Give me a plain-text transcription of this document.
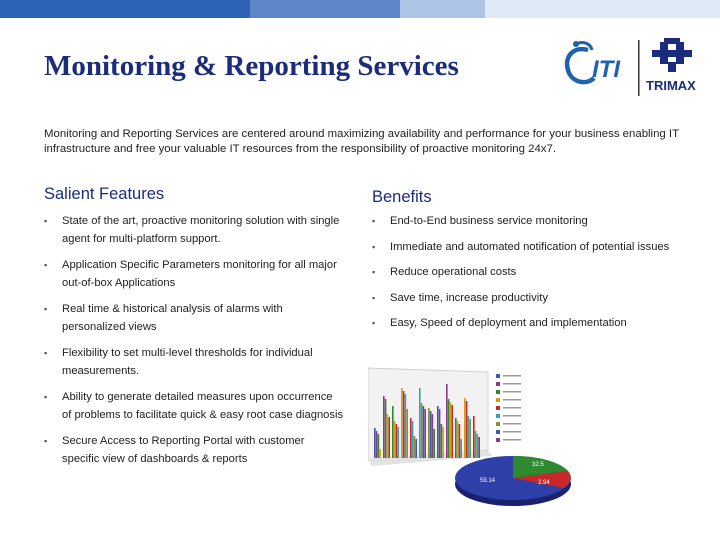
Monitoring & Reporting Services	ITI
TRIMAX

Monitoring and Reporting Services are centered around maximizing availability and performance for your business enabling IT infrastructure and free your valuable IT resources from the responsibility of proactive monitoring 24x7.

Salient Features
▪ State of the art, proactive monitoring solution with single agent for multi-platform support.
▪ Application Specific Parameters monitoring for all major out-of-box Applications
▪ Real time & historical analysis of alarms with personalized views
▪ Flexibility to set multi-level thresholds for individual measurements.
▪ Ability to generate detailed measures upon occurrence of problems to facilitate quick & easy root case diagnosis
▪ Secure Access to Reporting Portal with customer specific view of dashboards & reports
Benefits
▪ End-to-End business service monitoring
▪ Immediate and automated notification of potential issues
▪ Reduce operational costs
▪ Save time, increase productivity
▪ Easy, Speed of deployment and implementation
59.14
32.5
2.94
